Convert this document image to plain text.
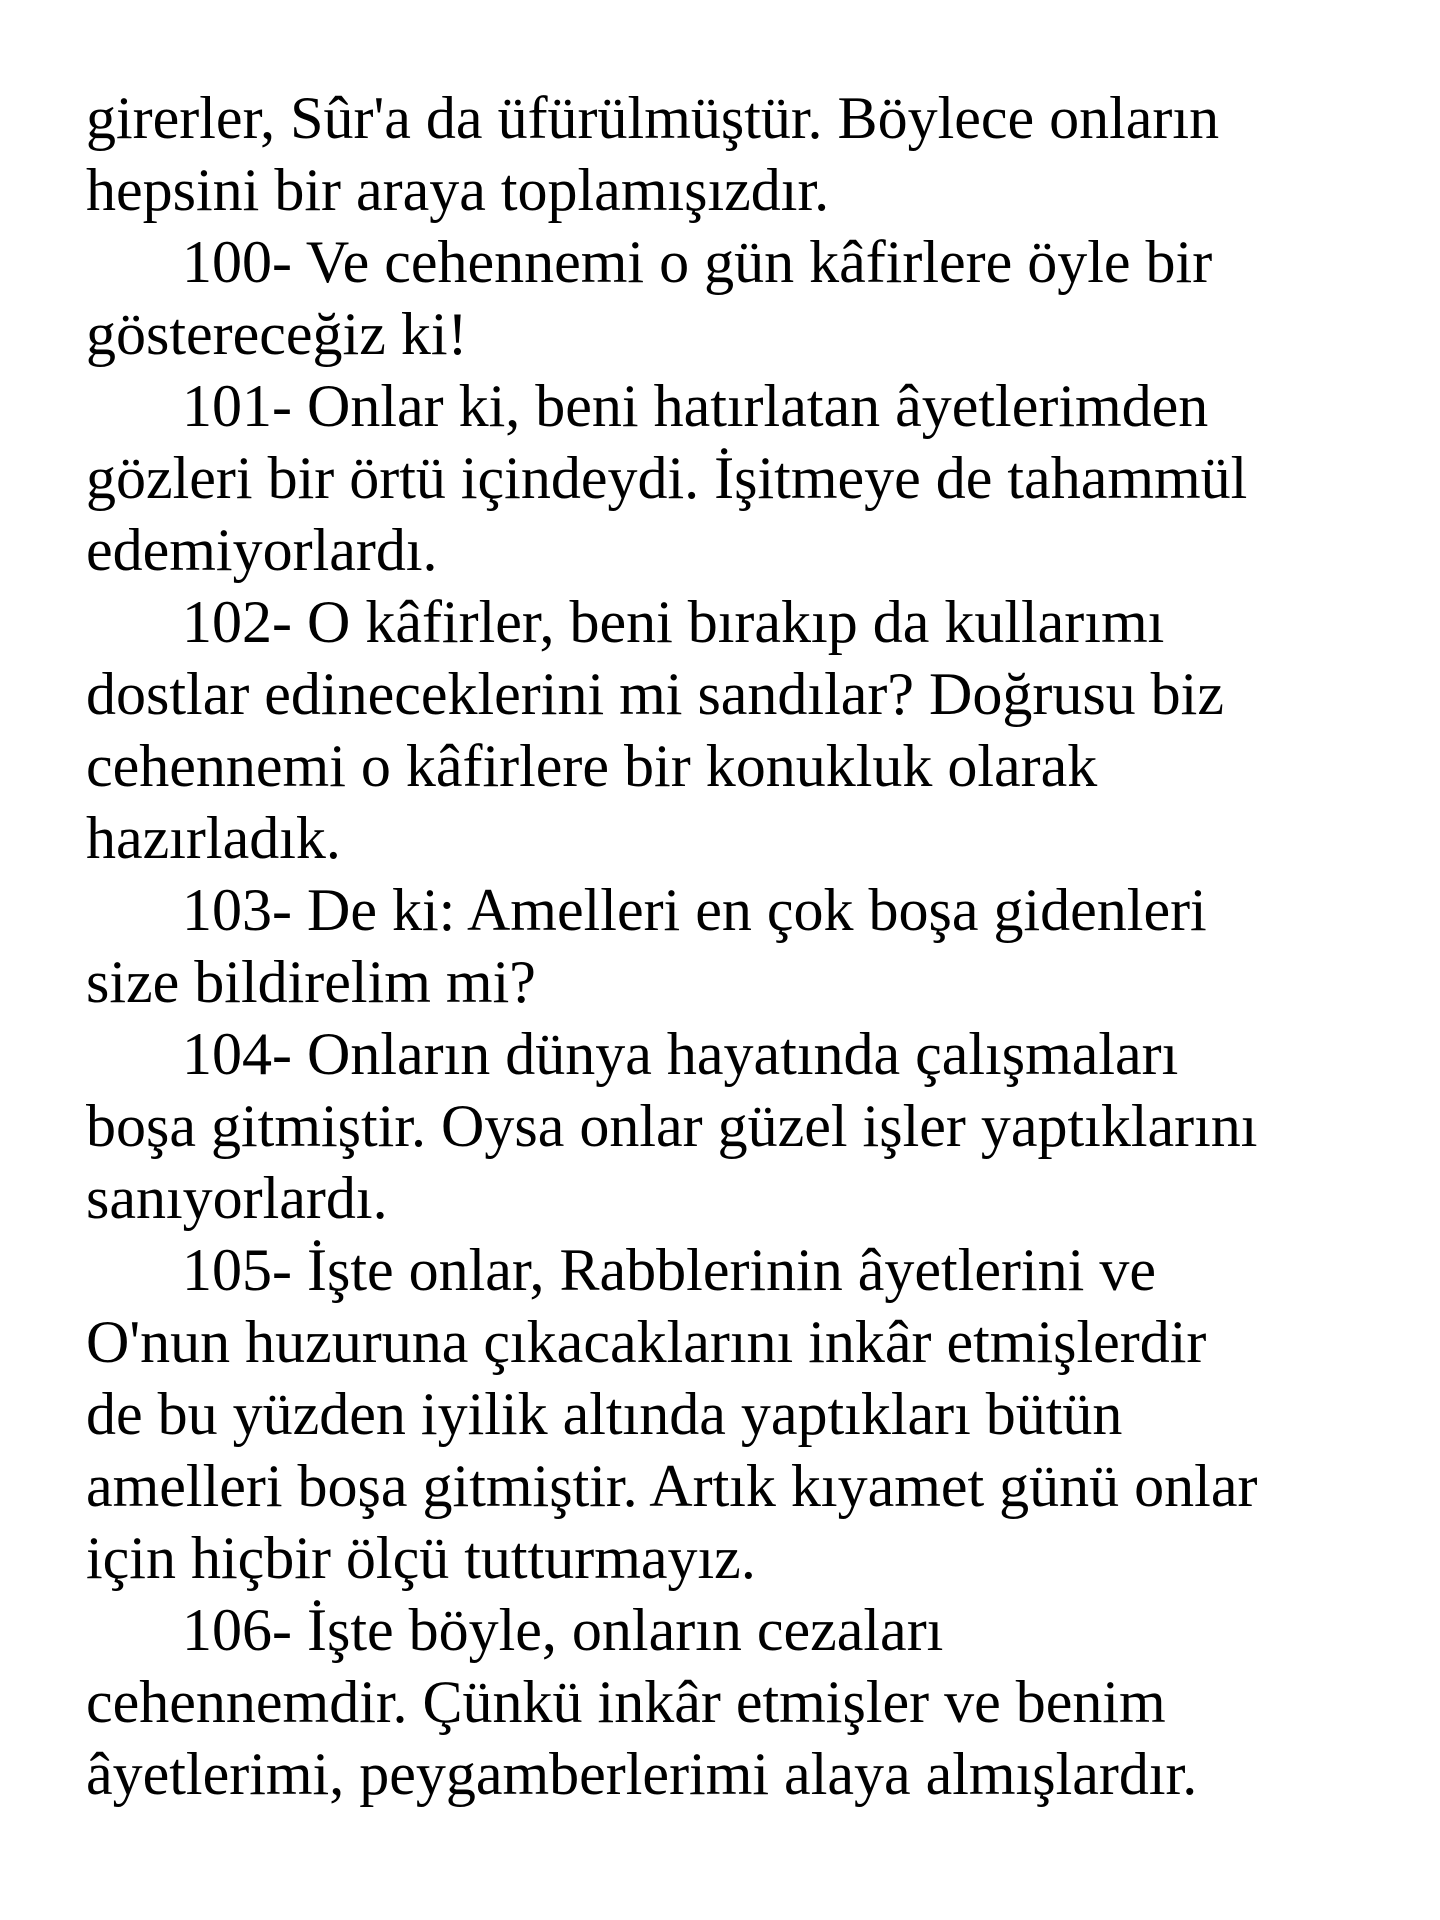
girerler, Sûr'a da üfürülmüştür. Böylece onların
hepsini bir araya toplamışızdır.

100- Ve cehennemi o gün kâfirlere öyle bir
göstereceğiz ki!

101- Onlar ki, beni hatırlatan âyetlerimden
gözleri bir örtü içindeydi. İşitmeye de tahammül
edemiyorlardı.

102- O kâfirler, beni bırakıp da kullarımı
dostlar edineceklerini mi sandılar? Doğrusu biz
cehennemi o kâfirlere bir konukluk olarak
hazırladık.

103- De ki: Amelleri en çok boşa gidenleri
size bildirelim mi?

104- Onların dünya hayatında çalışmaları
boşa gitmiştir. Oysa onlar güzel işler yaptıklarını
sanıyorlardı.

105- İşte onlar, Rabblerinin âyetlerini ve
O'nun huzuruna çıkacaklarını inkâr etmişlerdir
de bu yüzden iyilik altında yaptıkları bütün
amelleri boşa gitmiştir. Artık kıyamet günü onlar
için hiçbir ölçü tutturmayız.

106- İşte böyle, onların cezaları
cehennemdir. Çünkü inkâr etmişler ve benim
âyetlerimi, peygamberlerimi alaya almışlardır.
